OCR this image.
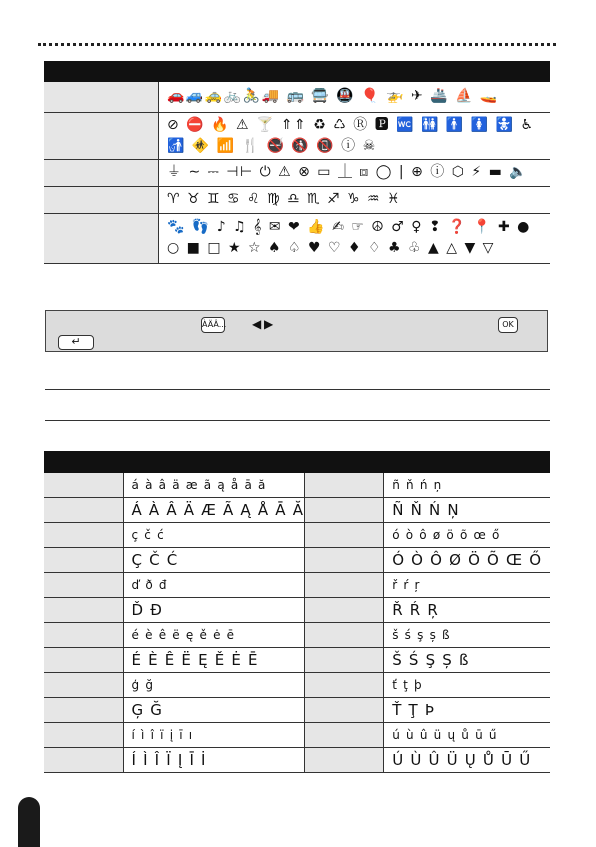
	🚗🚙🚕🚲🚴🚚 🚌 🚍 🚇 🎈 🚁 ✈ 🚢 ⛵ 🚤
	⊘ ⛔ 🔥 ⚠ 🍸 ⇑⇑ ♻ ♺ Ⓡ 🅿 🚾 🚻 🚹 🚺 🚼 ♿ 🚮 🚸 📶 🍴 🚭 🚯 📵 ⓘ ☠
	⏚ ∼ ⎓ ⊣⊢ ⏻ ⚠ ⊗ ▭ ⏊ ⧈ ◯ | ⊕ ⓘ ⬡ ⚡ ▬ 🔈
	♈ ♉ ♊ ♋ ♌ ♍ ♎ ♏ ♐ ♑ ♒ ♓
	🐾 👣 ♪ ♫ 𝄞 ✉ ❤ 👍 ✍ ☞ ☮ ♂ ♀ ❢ ❓ 📍 ✚ ● ○ ■ □ ★ ☆ ♠ ♤ ♥ ♡ ♦ ♢ ♣ ♧ ▲ △ ▼ ▽
ÀÄÂ... ◀ ▶	OK
↵

	á à â ä æ ã ą å ā ă		ñ ň ń ņ
	Á À Â Ä Æ Ã Ą Å Ā Ă		Ñ Ň Ń Ņ
	ç č ć		ó ò ô ø ö õ œ ő
	Ç Č Ć		Ó Ò Ô Ø Ö Õ Œ Ő
	ď ð đ		ř ŕ ŗ
	Ď Đ		Ř Ŕ Ŗ
	é è ê ë ę ě ė ē		š ś ş ș ß
	É È Ê Ë Ę Ě Ė Ē		Š Ś Ş Ș ß
	ģ ğ		ť ţ þ
	Ģ Ğ		Ť Ţ Þ
	í ì î ï į ī ı		ú ù û ü ų ů ū ű
	Í Ì Î Ï Į Ī İ		Ú Ù Û Ü Ų Ů Ū Ű
